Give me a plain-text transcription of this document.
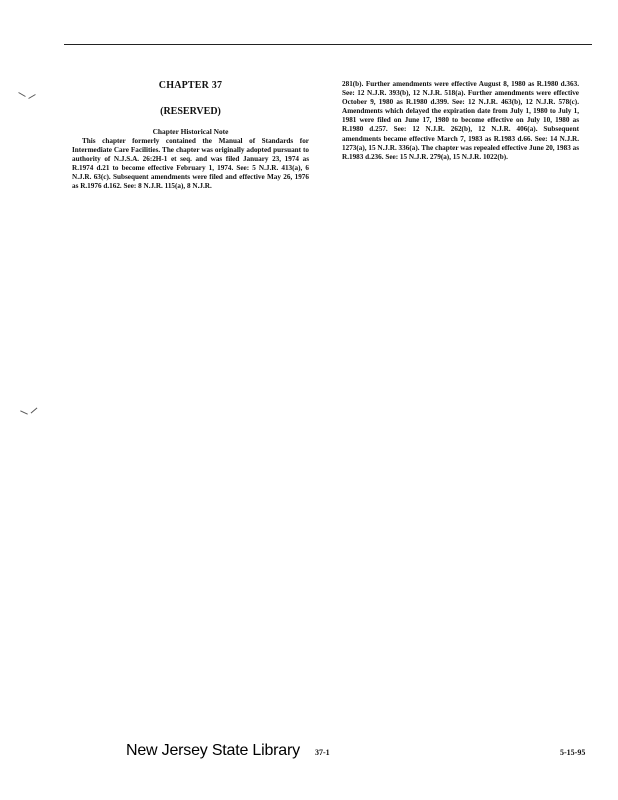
CHAPTER 37
(RESERVED)
Chapter Historical Note

This chapter formerly contained the Manual of Standards for Intermediate Care Facilities. The chapter was originally adopted pursuant to authority of N.J.S.A. 26:2H-1 et seq. and was filed January 23, 1974 as R.1974 d.21 to become effective February 1, 1974. See: 5 N.J.R. 413(a), 6 N.J.R. 63(c). Subsequent amendments were filed and effective May 26, 1976 as R.1976 d.162. See: 8 N.J.R. 115(a), 8 N.J.R.

281(b). Further amendments were effective August 8, 1980 as R.1980 d.363. See: 12 N.J.R. 393(b), 12 N.J.R. 518(a). Further amendments were effective October 9, 1980 as R.1980 d.399. See: 12 N.J.R. 463(b), 12 N.J.R. 578(c). Amendments which delayed the expiration date from July 1, 1980 to July 1, 1981 were filed on June 17, 1980 to become effective on July 10, 1980 as R.1980 d.257. See: 12 N.J.R. 262(b), 12 N.J.R. 406(a). Subsequent amendments became effective March 7, 1983 as R.1983 d.66. See: 14 N.J.R. 1273(a), 15 N.J.R. 336(a). The chapter was repealed effective June 20, 1983 as R.1983 d.236. See: 15 N.J.R. 279(a), 15 N.J.R. 1022(b).

New Jersey State Library 37-1	5-15-95
